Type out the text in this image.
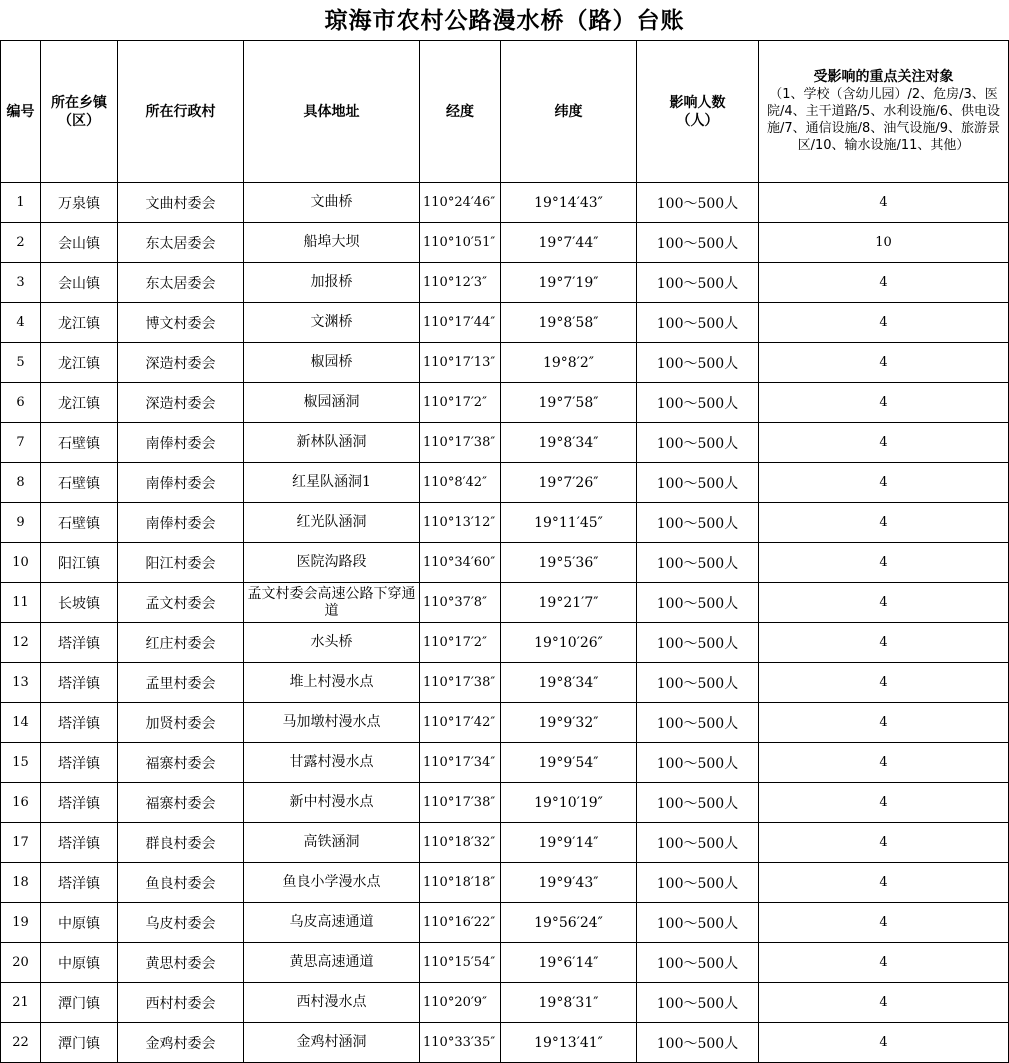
琼海市农村公路漫水桥（路）台账
编号	所在乡镇（区）	所在行政村	具体地址	经度	纬度	影响人数（人）	受影响的重点关注对象
（1、学校（含幼儿园）/2、危房/3、医院/4、主干道路/5、水利设施/6、供电设施/7、通信设施/8、油气设施/9、旅游景区/10、输水设施/11、其他）

1	万泉镇	文曲村委会	文曲桥	110°24′46″	19°14′43″	100～500人	4
2	会山镇	东太居委会	船埠大坝	110°10′51″	19°7′44″	100～500人	10
3	会山镇	东太居委会	加报桥	110°12′3″	19°7′19″	100～500人	4
4	龙江镇	博文村委会	文渊桥	110°17′44″	19°8′58″	100～500人	4
5	龙江镇	深造村委会	椒园桥	110°17′13″	19°8′2″	100～500人	4
6	龙江镇	深造村委会	椒园涵洞	110°17′2″	19°7′58″	100～500人	4
7	石壁镇	南俸村委会	新林队涵洞	110°17′38″	19°8′34″	100～500人	4
8	石壁镇	南俸村委会	红星队涵洞1	110°8′42″	19°7′26″	100～500人	4
9	石壁镇	南俸村委会	红光队涵洞	110°13′12″	19°11′45″	100～500人	4
10	阳江镇	阳江村委会	医院沟路段	110°34′60″	19°5′36″	100～500人	4
11	长坡镇	孟文村委会	孟文村委会高速公路下穿通道	110°37′8″	19°21′7″	100～500人	4
12	塔洋镇	红庄村委会	水头桥	110°17′2″	19°10′26″	100～500人	4
13	塔洋镇	孟里村委会	堆上村漫水点	110°17′38″	19°8′34″	100～500人	4
14	塔洋镇	加贤村委会	马加墩村漫水点	110°17′42″	19°9′32″	100～500人	4
15	塔洋镇	福寨村委会	甘露村漫水点	110°17′34″	19°9′54″	100～500人	4
16	塔洋镇	福寨村委会	新中村漫水点	110°17′38″	19°10′19″	100～500人	4
17	塔洋镇	群良村委会	高铁涵洞	110°18′32″	19°9′14″	100～500人	4
18	塔洋镇	鱼良村委会	鱼良小学漫水点	110°18′18″	19°9′43″	100～500人	4
19	中原镇	乌皮村委会	乌皮高速通道	110°16′22″	19°56′24″	100～500人	4
20	中原镇	黄思村委会	黄思高速通道	110°15′54″	19°6′14″	100～500人	4
21	潭门镇	西村村委会	西村漫水点	110°20′9″	19°8′31″	100～500人	4
22	潭门镇	金鸡村委会	金鸡村涵洞	110°33′35″	19°13′41″	100～500人	4
